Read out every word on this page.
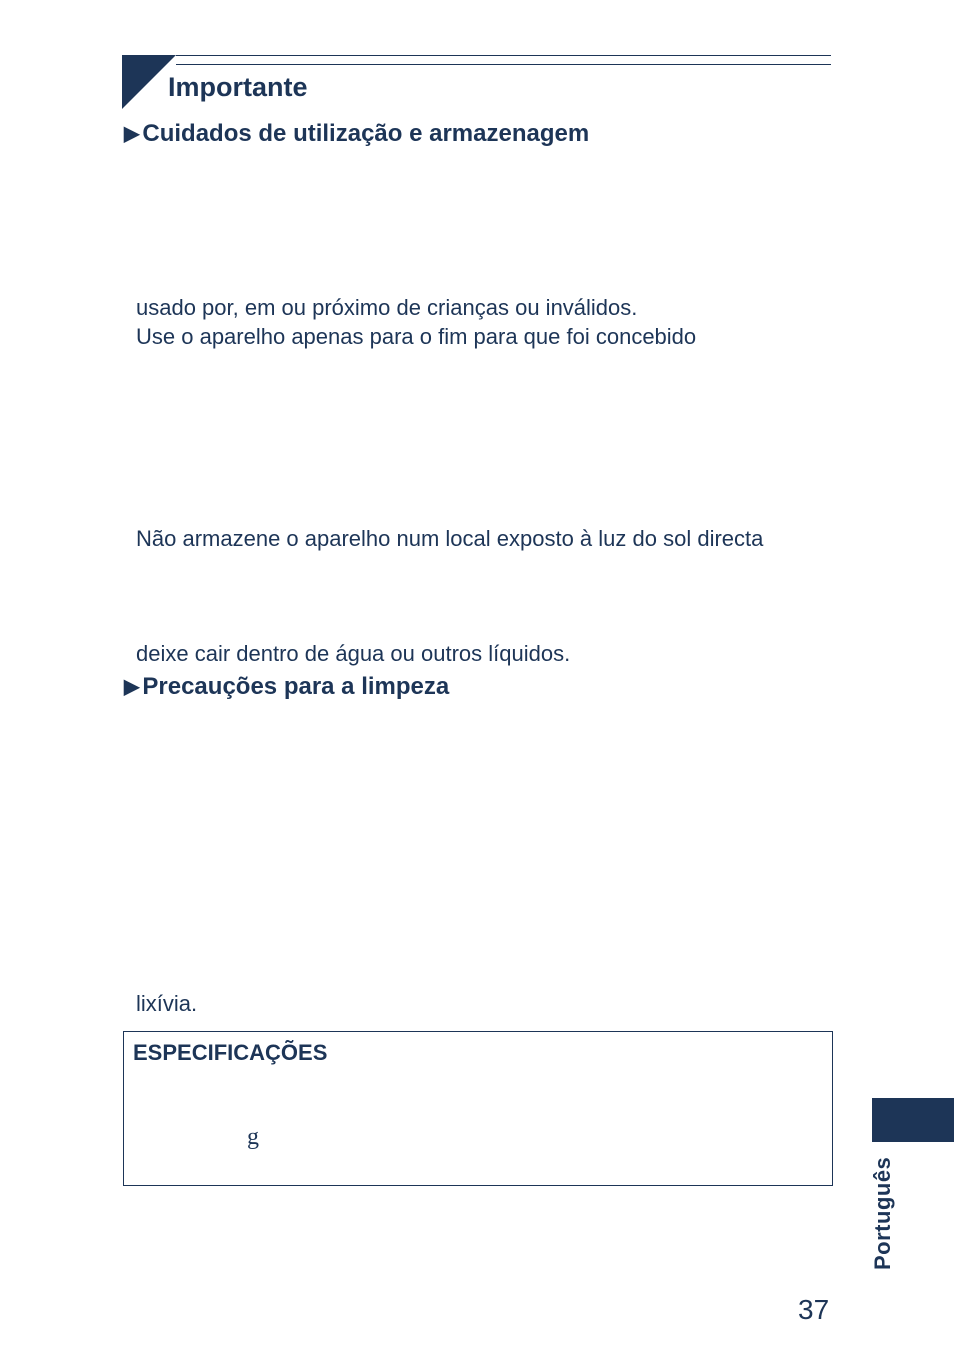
Importante
▶ Cuidados de utilização e armazenagem
usado por, em ou próximo de crianças ou inválidos.
Use o aparelho apenas para o fim para que foi concebido
Não armazene o aparelho num local exposto à luz do sol directa
deixe cair dentro de água ou outros líquidos.
▶ Precauções para a limpeza
lixívia.
ESPECIFICAÇÕES
g
Português
37
